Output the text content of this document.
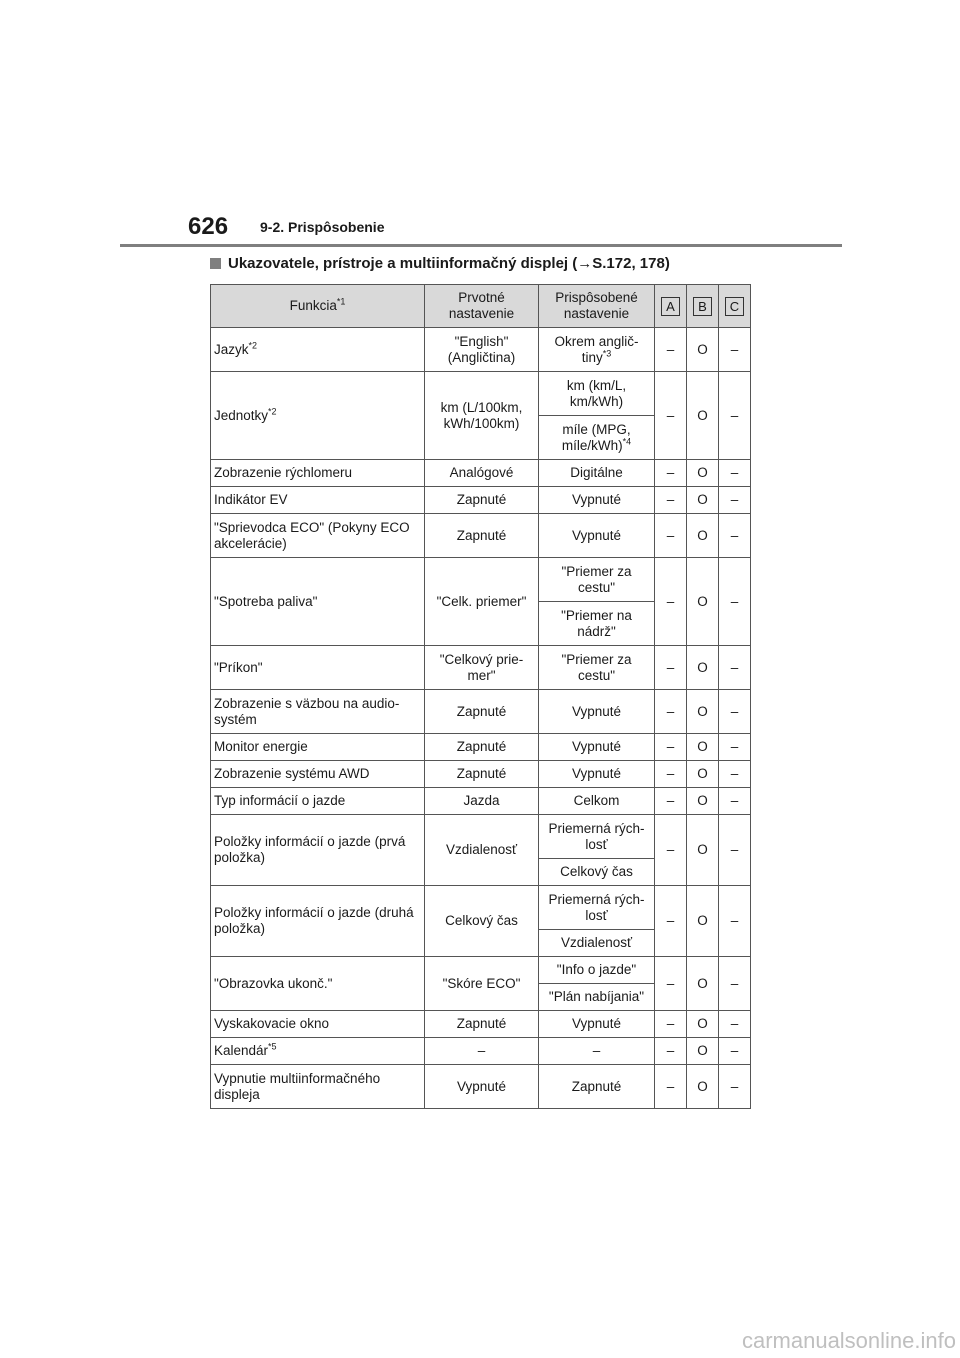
626 9-2. Prispôsobenie
Ukazovatele, prístroje a multiinformačný displej (→S.172, 178)
Funkcia$^{*1}$	Prvotné nastavenie	Prispôsobené nastavenie	A	B	C
Jazyk$^{*2}$	"English" (Angličtina)	Okrem anglič-tiny$^{*3}$	–	O	–
Jednotky$^{*2}$	km (L/100km, kWh/100km)	km (km/L, km/kWh)	–	O	–
		míle (MPG, míle/kWh)$^{*4}$
Zobrazenie rýchlomeru	Analógové	Digitálne	–	O	–
Indikátor EV	Zapnuté	Vypnuté	–	O	–
"Sprievodca ECO" (Pokyny ECO akcelerácie)	Zapnuté	Vypnuté	–	O	–
"Spotreba paliva"	"Celk. priemer"	"Priemer za cestu"	–	O	–
		"Priemer na nádrž"			
"Príkon"	"Celkový prie-mer"	"Priemer za cestu"	–	O	–
Zobrazenie s väzbou na audio-systém	Zapnuté	Vypnuté	–	O	–
Monitor energie	Zapnuté	Vypnuté	–	O	–
Zobrazenie systému AWD	Zapnuté	Vypnuté	–	O	–
Typ informácií o jazde	Jazda	Celkom	–	O	–
Položky informácií o jazde (prvá položka)	Vzdialenosť	Priemerná rých-losť	–	O	–
		Celkový čas			
Položky informácií o jazde (druhá položka)	Celkový čas	Priemerná rých-losť	–	O	–
		Vzdialenosť			
"Obrazovka ukonč."	"Skóre ECO"	"Info o jazde"	–	O	–
		"Plán nabíjania"			
Vyskakovacie okno	Zapnuté	Vypnuté	–	O	–
Kalendár$^{*5}$	–	–	–	O	–
Vypnutie multiinformačného displeja	Vypnuté	Zapnuté	–	O	–
carmanualsonline.info
